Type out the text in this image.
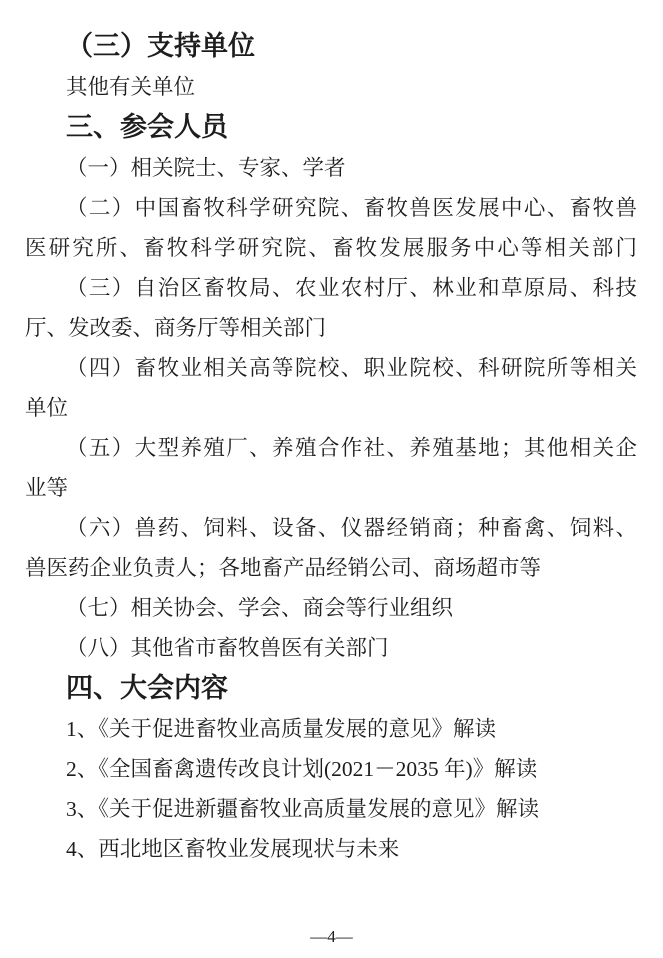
（三）支持单位

其他有关单位

三、参会人员

（一）相关院士、专家、学者

（二）中国畜牧科学研究院、畜牧兽医发展中心、畜牧兽
医研究所、畜牧科学研究院、畜牧发展服务中心等相关部门

（三）自治区畜牧局、农业农村厅、林业和草原局、科技
厅、发改委、商务厅等相关部门

（四）畜牧业相关高等院校、职业院校、科研院所等相关
单位

（五）大型养殖厂、养殖合作社、养殖基地；其他相关企
业等

（六）兽药、饲料、设备、仪器经销商；种畜禽、饲料、
兽医药企业负责人；各地畜产品经销公司、商场超市等

（七）相关协会、学会、商会等行业组织

（八）其他省市畜牧兽医有关部门

四、大会内容

1、《关于促进畜牧业高质量发展的意见》解读

2、《全国畜禽遗传改良计划(2021－2035 年)》解读

3、《关于促进新疆畜牧业高质量发展的意见》解读

4、西北地区畜牧业发展现状与未来

—4—
